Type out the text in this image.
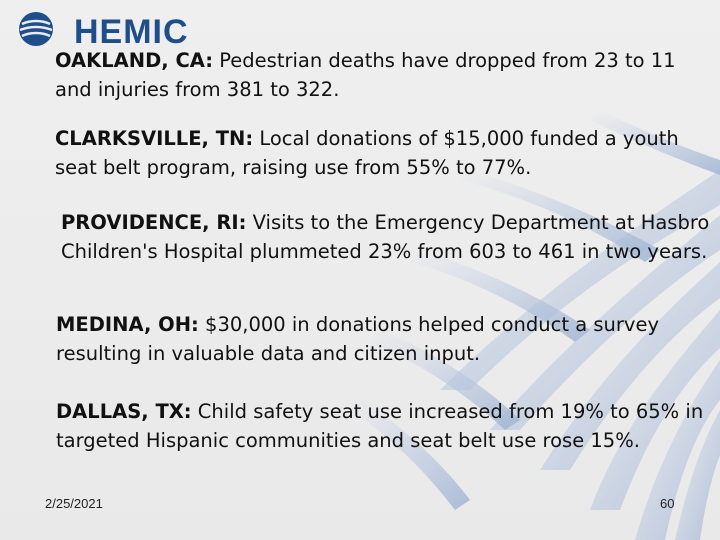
HEMIC

OAKLAND, CA: Pedestrian deaths have dropped from 23 to 11 and injuries from 381 to 322.

CLARKSVILLE, TN: Local donations of $15,000 funded a youth seat belt program, raising use from 55% to 77%.

PROVIDENCE, RI: Visits to the Emergency Department at Hasbro Children's Hospital plummeted 23% from 603 to 461 in two years.

MEDINA, OH: $30,000 in donations helped conduct a survey resulting in valuable data and citizen input.

DALLAS, TX: Child safety seat use increased from 19% to 65% in targeted Hispanic communities and seat belt use rose 15%.

2/25/2021	60
